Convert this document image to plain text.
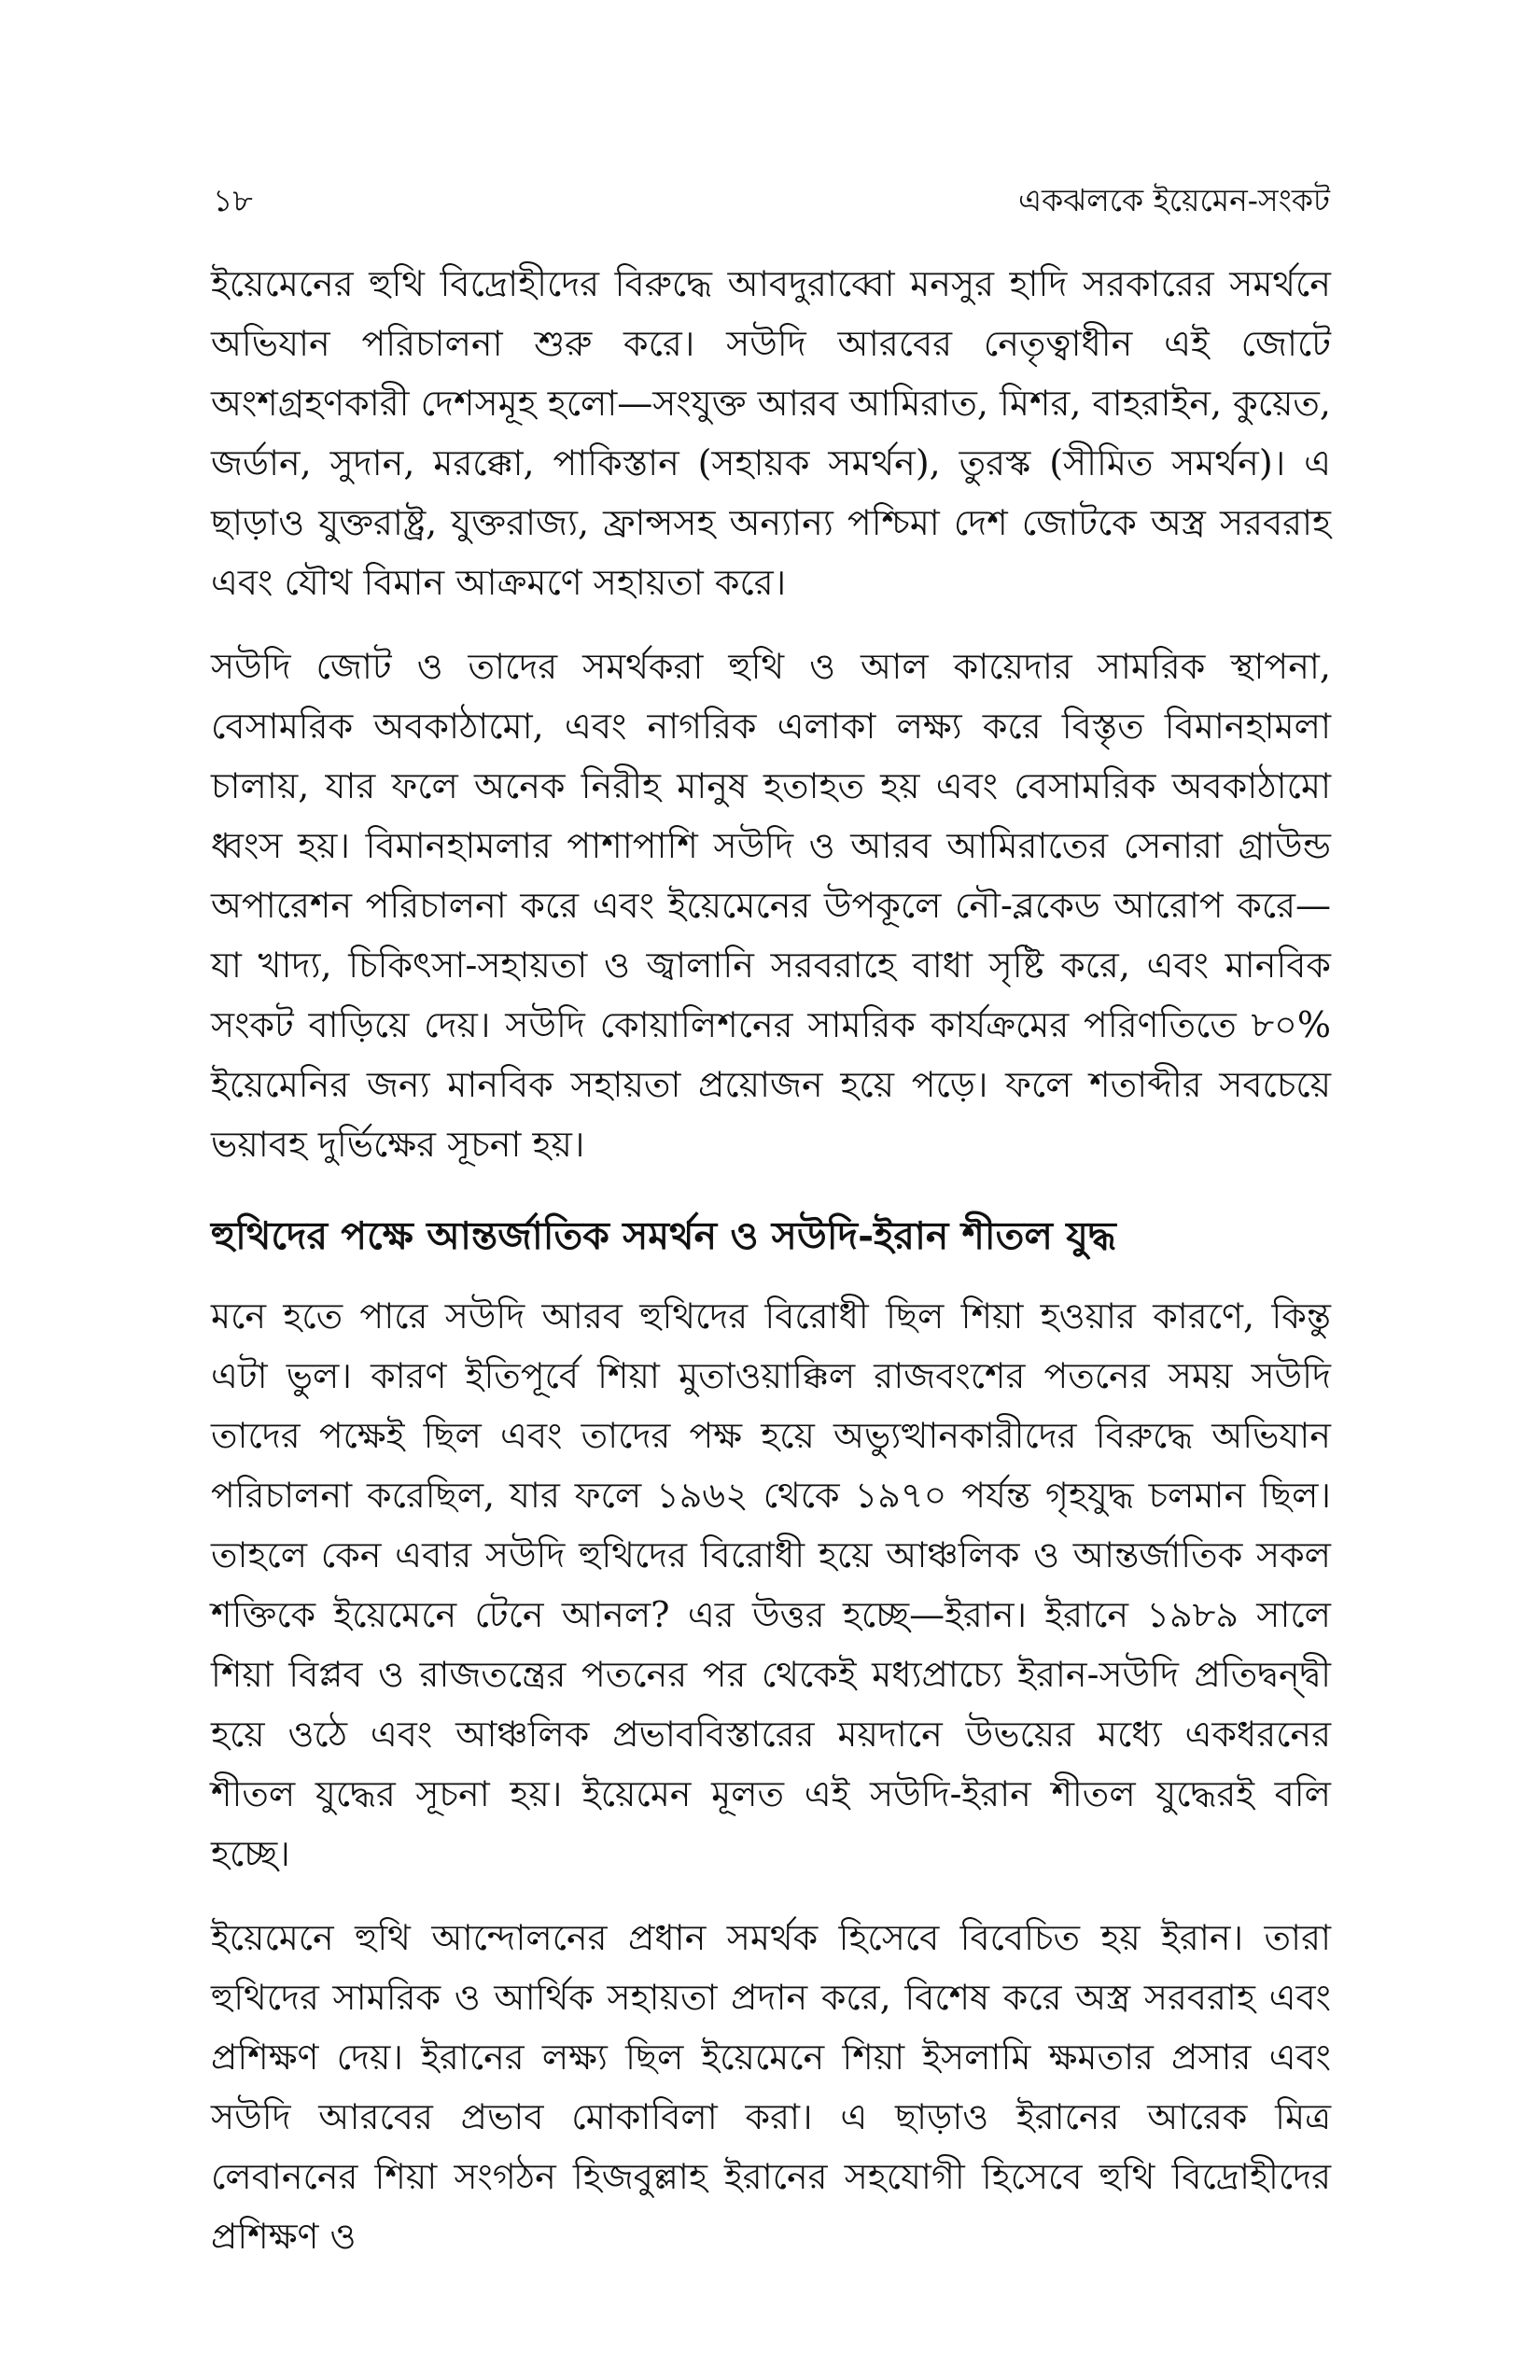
১৮	একঝলকে ইয়েমেন-সংকট

ইয়েমেনের হুথি বিদ্রোহীদের বিরুদ্ধে আবদুরাব্বো মনসুর হাদি সরকারের সমর্থনে অভিযান পরিচালনা শুরু করে। সউদি আরবের নেতৃত্বাধীন এই জোটে অংশগ্রহণকারী দেশসমূহ হলো—সংযুক্ত আরব আমিরাত, মিশর, বাহরাইন, কুয়েত, জর্ডান, সুদান, মরক্কো, পাকিস্তান (সহায়ক সমর্থন), তুরস্ক (সীমিত সমর্থন)। এ ছাড়াও যুক্তরাষ্ট্র, যুক্তরাজ্য, ফ্রান্সসহ অন্যান্য পশ্চিমা দেশ জোটকে অস্ত্র সরবরাহ এবং যৌথ বিমান আক্রমণে সহায়তা করে।

সউদি জোট ও তাদের সমর্থকরা হুথি ও আল কায়েদার সামরিক স্থাপনা, বেসামরিক অবকাঠামো, এবং নাগরিক এলাকা লক্ষ্য করে বিস্তৃত বিমানহামলা চালায়, যার ফলে অনেক নিরীহ মানুষ হতাহত হয় এবং বেসামরিক অবকাঠামো ধ্বংস হয়। বিমানহামলার পাশাপাশি সউদি ও আরব আমিরাতের সেনারা গ্রাউন্ড অপারেশন পরিচালনা করে এবং ইয়েমেনের উপকূলে নৌ-ব্লকেড আরোপ করে—যা খাদ্য, চিকিৎসা-সহায়তা ও জ্বালানি সরবরাহে বাধা সৃষ্টি করে, এবং মানবিক সংকট বাড়িয়ে দেয়। সউদি কোয়ালিশনের সামরিক কার্যক্রমের পরিণতিতে ৮০% ইয়েমেনির জন্য মানবিক সহায়তা প্রয়োজন হয়ে পড়ে। ফলে শতাব্দীর সবচেয়ে ভয়াবহ দুর্ভিক্ষের সূচনা হয়।

হুথিদের পক্ষে আন্তর্জাতিক সমর্থন ও সউদি-ইরান শীতল যুদ্ধ

মনে হতে পারে সউদি আরব হুথিদের বিরোধী ছিল শিয়া হওয়ার কারণে, কিন্তু এটা ভুল। কারণ ইতিপূর্বে শিয়া মুতাওয়াক্কিল রাজবংশের পতনের সময় সউদি তাদের পক্ষেই ছিল এবং তাদের পক্ষ হয়ে অভ্যুত্থানকারীদের বিরুদ্ধে অভিযান পরিচালনা করেছিল, যার ফলে ১৯৬২ থেকে ১৯৭০ পর্যন্ত গৃহযুদ্ধ চলমান ছিল। তাহলে কেন এবার সউদি হুথিদের বিরোধী হয়ে আঞ্চলিক ও আন্তর্জাতিক সকল শক্তিকে ইয়েমেনে টেনে আনল? এর উত্তর হচ্ছে—ইরান। ইরানে ১৯৮৯ সালে শিয়া বিপ্লব ও রাজতন্ত্রের পতনের পর থেকেই মধ্যপ্রাচ্যে ইরান-সউদি প্রতিদ্বন্দ্বী হয়ে ওঠে এবং আঞ্চলিক প্রভাববিস্তারের ময়দানে উভয়ের মধ্যে একধরনের শীতল যুদ্ধের সূচনা হয়। ইয়েমেন মূলত এই সউদি-ইরান শীতল যুদ্ধেরই বলি হচ্ছে।

ইয়েমেনে হুথি আন্দোলনের প্রধান সমর্থক হিসেবে বিবেচিত হয় ইরান। তারা হুথিদের সামরিক ও আর্থিক সহায়তা প্রদান করে, বিশেষ করে অস্ত্র সরবরাহ এবং প্রশিক্ষণ দেয়। ইরানের লক্ষ্য ছিল ইয়েমেনে শিয়া ইসলামি ক্ষমতার প্রসার এবং সউদি আরবের প্রভাব মোকাবিলা করা। এ ছাড়াও ইরানের আরেক মিত্র লেবাননের শিয়া সংগঠন হিজবুল্লাহ ইরানের সহযোগী হিসেবে হুথি বিদ্রোহীদের প্রশিক্ষণ ও
